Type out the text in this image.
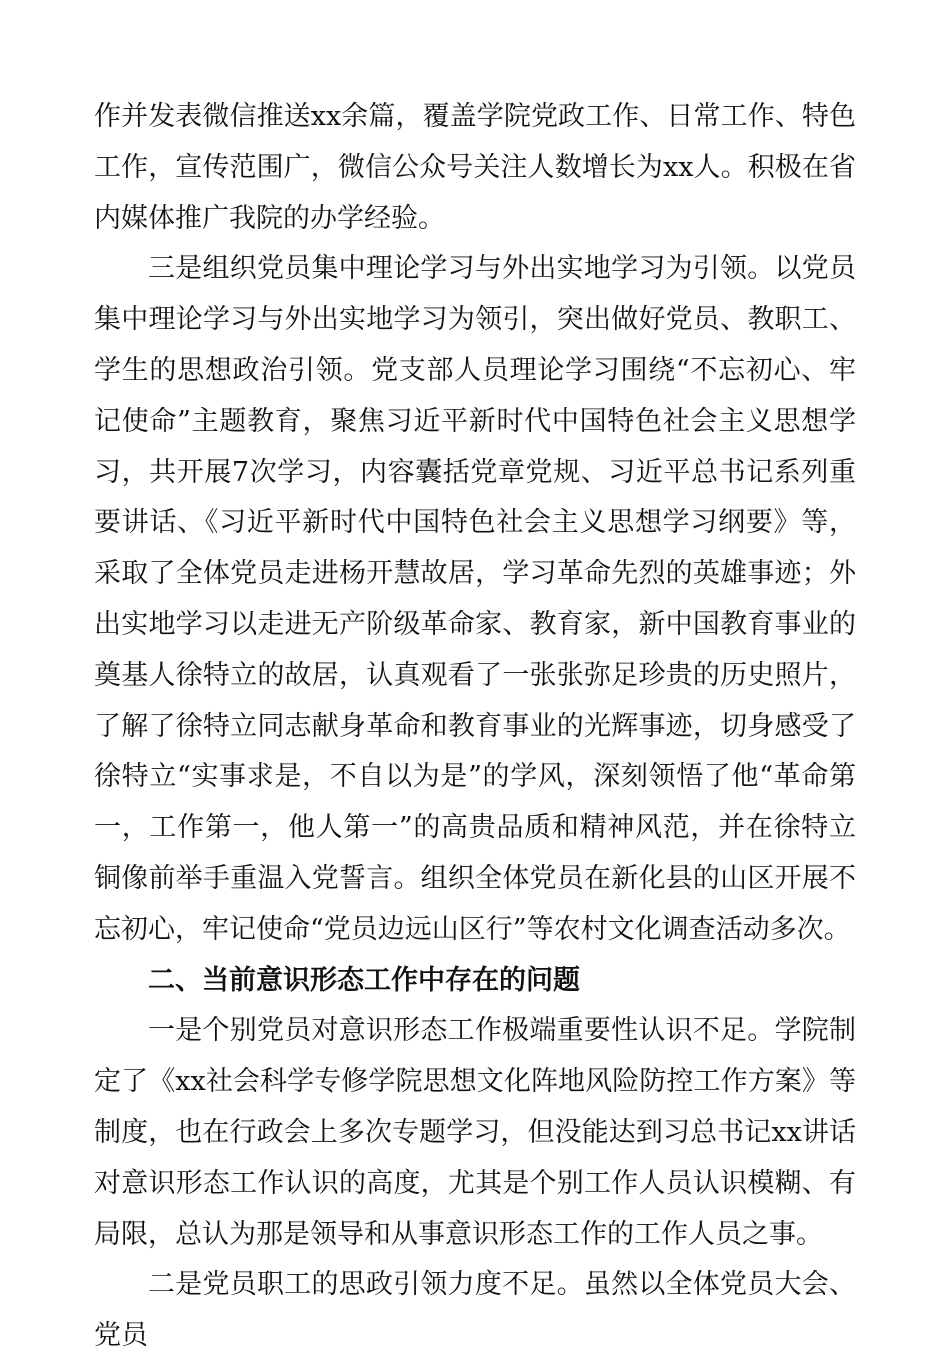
作并发表微信推送xx余篇，覆盖学院党政工作、日常工作、特色工作，宣传范围广，微信公众号关注人数增长为xx人。积极在省内媒体推广我院的办学经验。

三是组织党员集中理论学习与外出实地学习为引领。以党员集中理论学习与外出实地学习为领引，突出做好党员、教职工、学生的思想政治引领。党支部人员理论学习围绕“不忘初心、牢记使命”主题教育，聚焦习近平新时代中国特色社会主义思想学习，共开展7次学习，内容囊括党章党规、习近平总书记系列重要讲话、《习近平新时代中国特色社会主义思想学习纲要》等，采取了全体党员走进杨开慧故居，学习革命先烈的英雄事迹；外出实地学习以走进无产阶级革命家、教育家，新中国教育事业的奠基人徐特立的故居，认真观看了一张张弥足珍贵的历史照片，了解了徐特立同志献身革命和教育事业的光辉事迹，切身感受了徐特立“实事求是，不自以为是”的学风，深刻领悟了他“革命第一，工作第一，他人第一”的高贵品质和精神风范，并在徐特立铜像前举手重温入党誓言。组织全体党员在新化县的山区开展不忘初心，牢记使命“党员边远山区行”等农村文化调查活动多次。

二、当前意识形态工作中存在的问题

一是个别党员对意识形态工作极端重要性认识不足。学院制定了《xx社会科学专修学院思想文化阵地风险防控工作方案》等制度，也在行政会上多次专题学习，但没能达到习总书记xx讲话对意识形态工作认识的高度，尤其是个别工作人员认识模糊、有局限，总认为那是领导和从事意识形态工作的工作人员之事。

二是党员职工的思政引领力度不足。虽然以全体党员大会、党员
